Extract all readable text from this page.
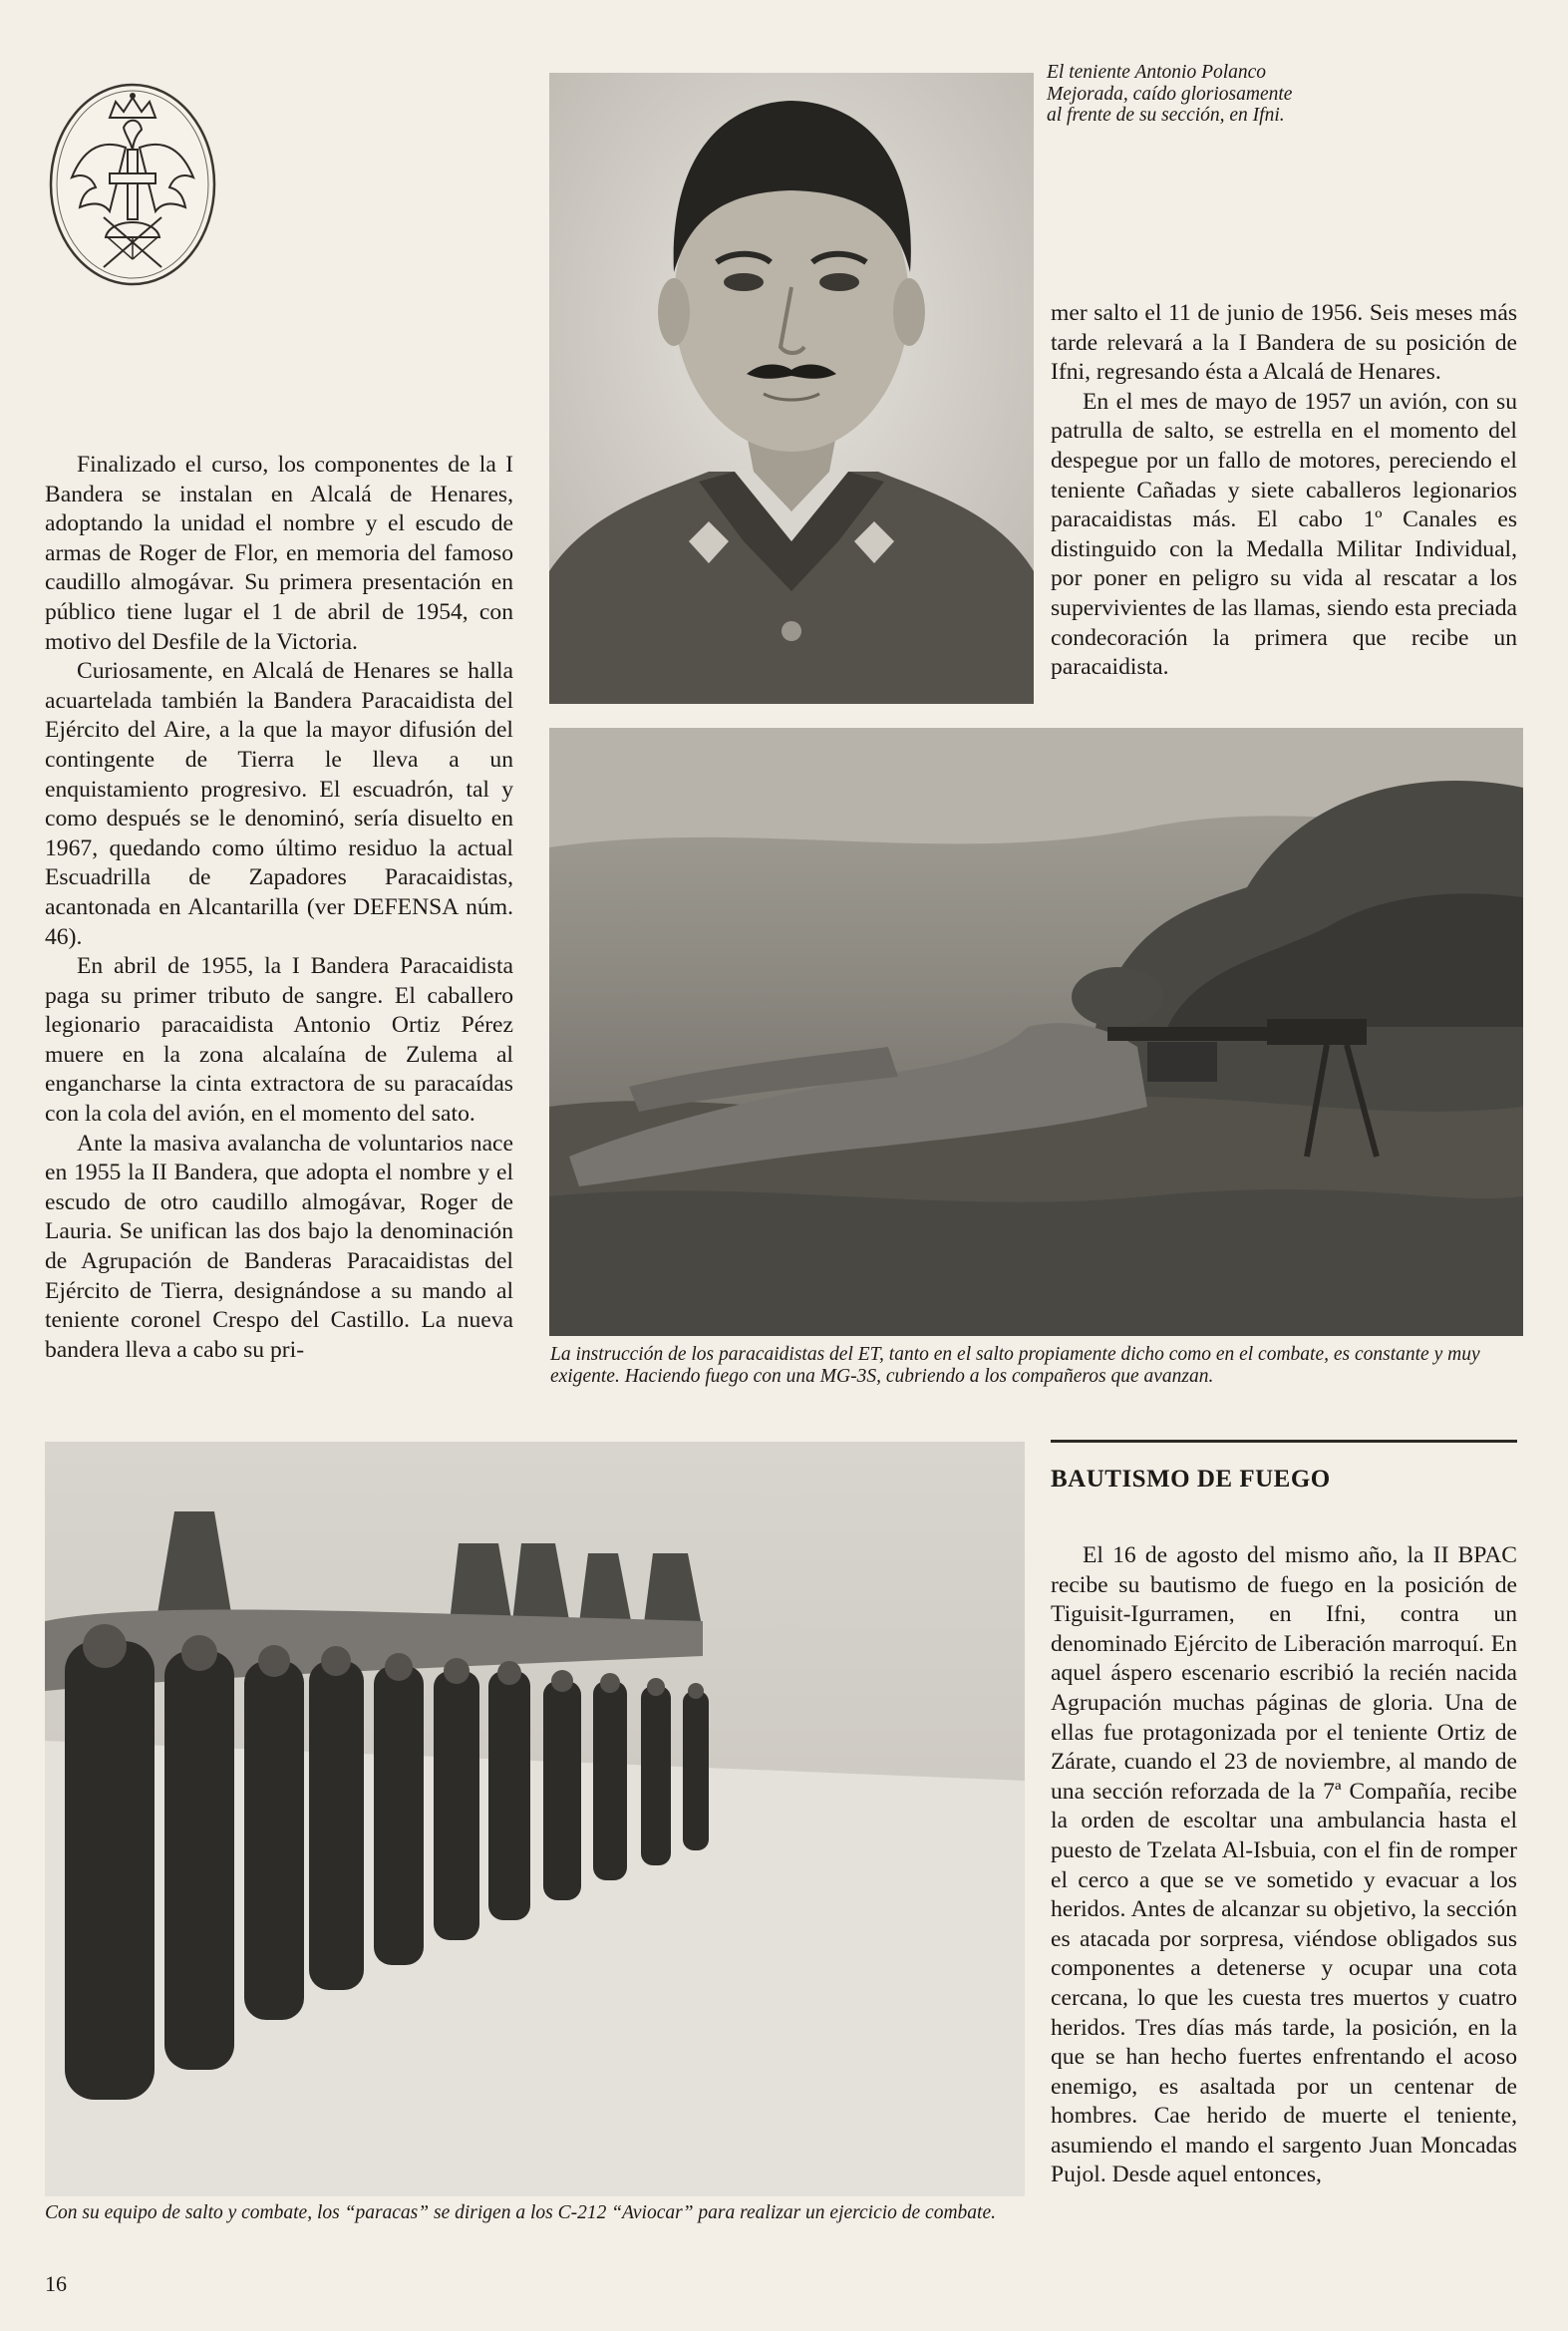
El teniente Antonio Polanco Mejorada, caído gloriosamente al frente de su sección, en Ifni.

Finalizado el curso, los componentes de la I Bandera se instalan en Alcalá de Henares, adoptando la unidad el nombre y el escudo de armas de Roger de Flor, en memoria del famoso caudillo almogávar. Su primera presentación en público tiene lugar el 1 de abril de 1954, con motivo del Desfile de la Victoria.

Curiosamente, en Alcalá de Henares se halla acuartelada también la Bandera Paracaidista del Ejército del Aire, a la que la mayor difusión del contingente de Tierra le lleva a un enquistamiento progresivo. El escuadrón, tal y como después se le denominó, sería disuelto en 1967, quedando como último residuo la actual Escuadrilla de Zapadores Paracaidistas, acantonada en Alcantarilla (ver DEFENSA núm. 46).

En abril de 1955, la I Bandera Paracaidista paga su primer tributo de sangre. El caballero legionario paracaidista Antonio Ortiz Pérez muere en la zona alcalaína de Zulema al engancharse la cinta extractora de su paracaídas con la cola del avión, en el momento del sato.

Ante la masiva avalancha de voluntarios nace en 1955 la II Bandera, que adopta el nombre y el escudo de otro caudillo almogávar, Roger de Lauria. Se unifican las dos bajo la denominación de Agrupación de Banderas Paracaidistas del Ejército de Tierra, designándose a su mando al teniente coronel Crespo del Castillo. La nueva bandera lleva a cabo su pri-

mer salto el 11 de junio de 1956. Seis meses más tarde relevará a la I Bandera de su posición de Ifni, regresando ésta a Alcalá de Henares.

En el mes de mayo de 1957 un avión, con su patrulla de salto, se estrella en el momento del despegue por un fallo de motores, pereciendo el teniente Cañadas y siete caballeros legionarios paracaidistas más. El cabo 1º Canales es distinguido con la Medalla Militar Individual, por poner en peligro su vida al rescatar a los supervivientes de las llamas, siendo esta preciada condecoración la primera que recibe un paracaidista.

La instrucción de los paracaidistas del ET, tanto en el salto propiamente dicho como en el combate, es constante y muy exigente. Haciendo fuego con una MG-3S, cubriendo a los compañeros que avanzan.
Con su equipo de salto y combate, los “paracas” se dirigen a los C-212 “Aviocar” para realizar un ejercicio de combate.
BAUTISMO DE FUEGO

El 16 de agosto del mismo año, la II BPAC recibe su bautismo de fuego en la posición de Tiguisit-Igurramen, en Ifni, contra un denominado Ejército de Liberación marroquí. En aquel áspero escenario escribió la recién nacida Agrupación muchas páginas de gloria. Una de ellas fue protagonizada por el teniente Ortiz de Zárate, cuando el 23 de noviembre, al mando de una sección reforzada de la 7ª Compañía, recibe la orden de escoltar una ambulancia hasta el puesto de Tzelata Al-Isbuia, con el fin de romper el cerco a que se ve sometido y evacuar a los heridos. Antes de alcanzar su objetivo, la sección es atacada por sorpresa, viéndose obligados sus componentes a detenerse y ocupar una cota cercana, lo que les cuesta tres muertos y cuatro heridos. Tres días más tarde, la posición, en la que se han hecho fuertes enfrentando el acoso enemigo, es asaltada por un centenar de hombres. Cae herido de muerte el teniente, asumiendo el mando el sargento Juan Moncadas Pujol. Desde aquel entonces,

16
